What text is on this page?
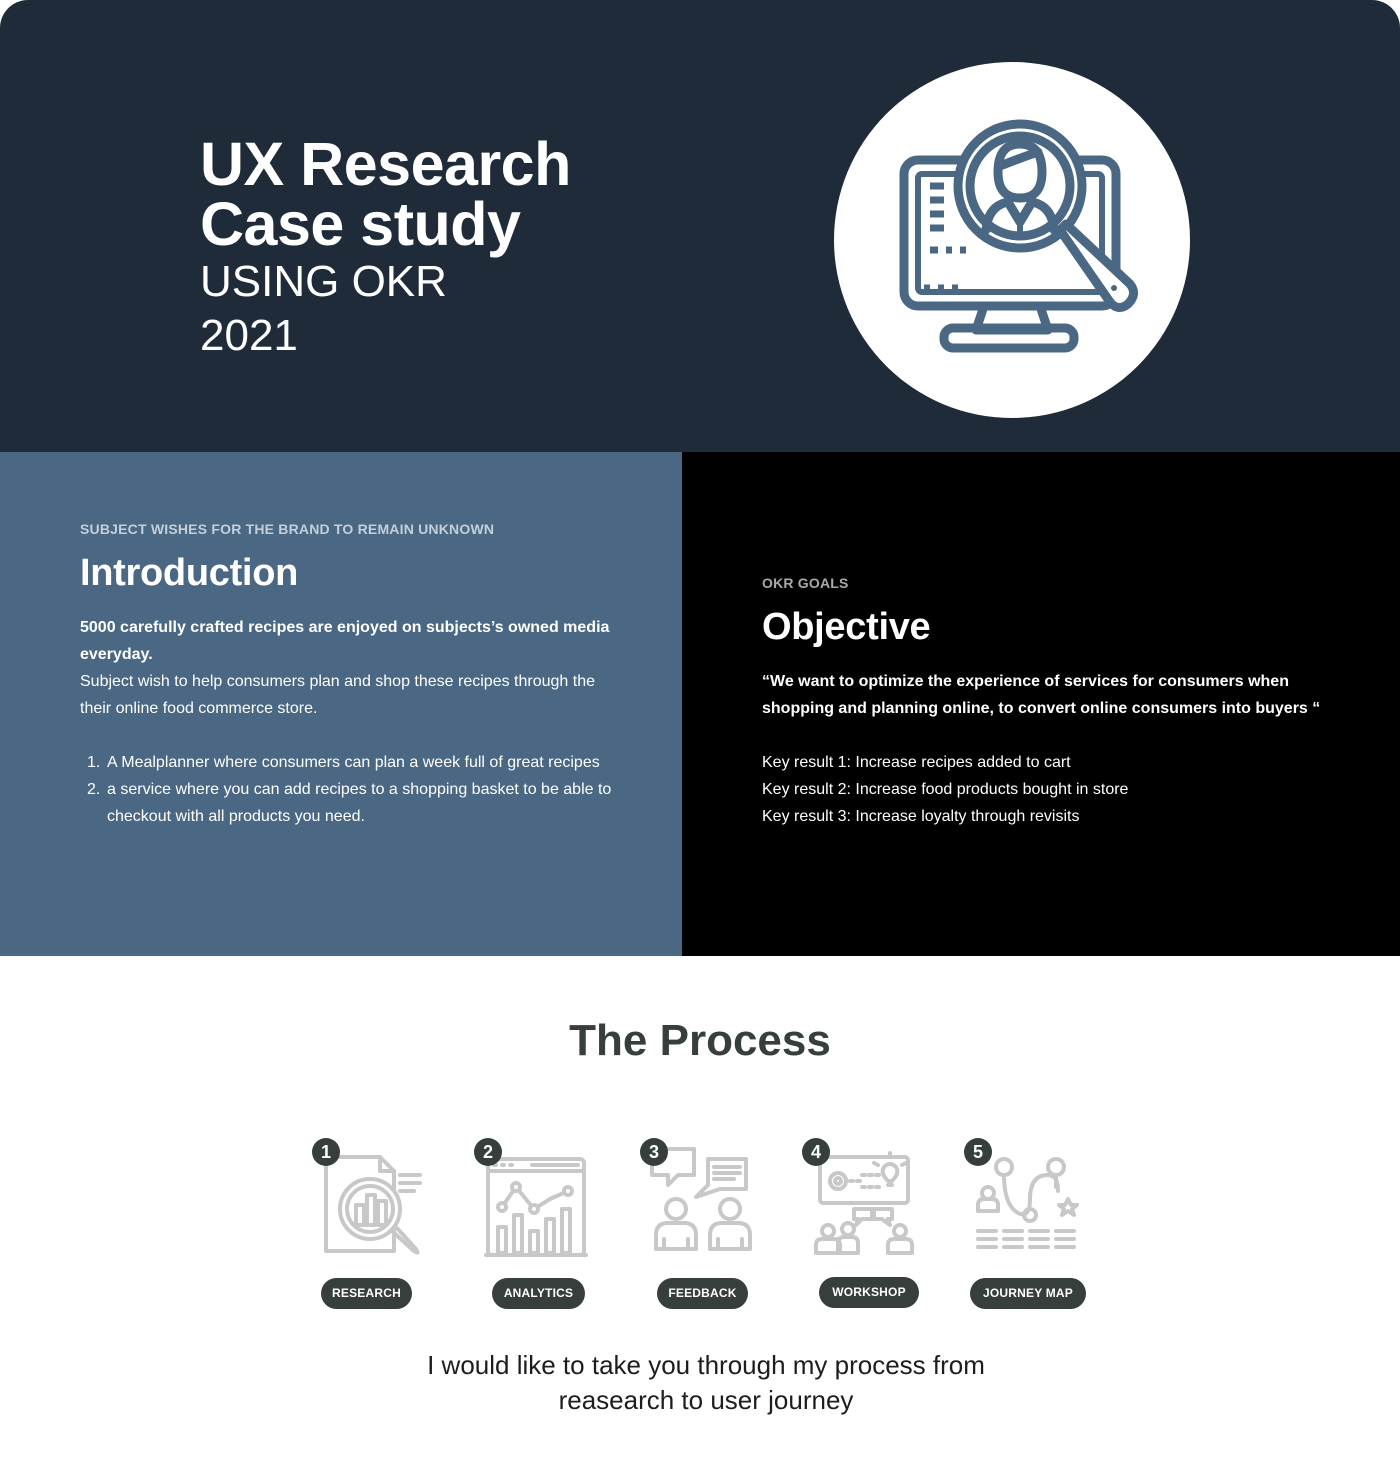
UX Research
Case study
USING OKR
2021
SUBJECT WISHES FOR THE BRAND TO REMAIN UNKNOWN
Introduction

5000 carefully crafted recipes are enjoyed on subjects’s owned media everyday.

Subject wish to help consumers plan and shop these recipes through the their online food commerce store.

1. A Mealplanner where consumers can plan a week full of great recipes
2. a service where you can add recipes to a shopping basket to be able to checkout with all products you need.
OKR GOALS
Objective

“We want to optimize the experience of services for consumers when shopping and planning online, to convert online consumers into buyers “

Key result 1: Increase recipes added to cart

Key result 2: Increase food products bought in store

Key result 3: Increase loyalty through revisits

The Process
1
RESEARCH
2
ANALYTICS
3
FEEDBACK
4
WORKSHOP
5
JOURNEY MAP

I would like to take you through my process from

reasearch to user journey
